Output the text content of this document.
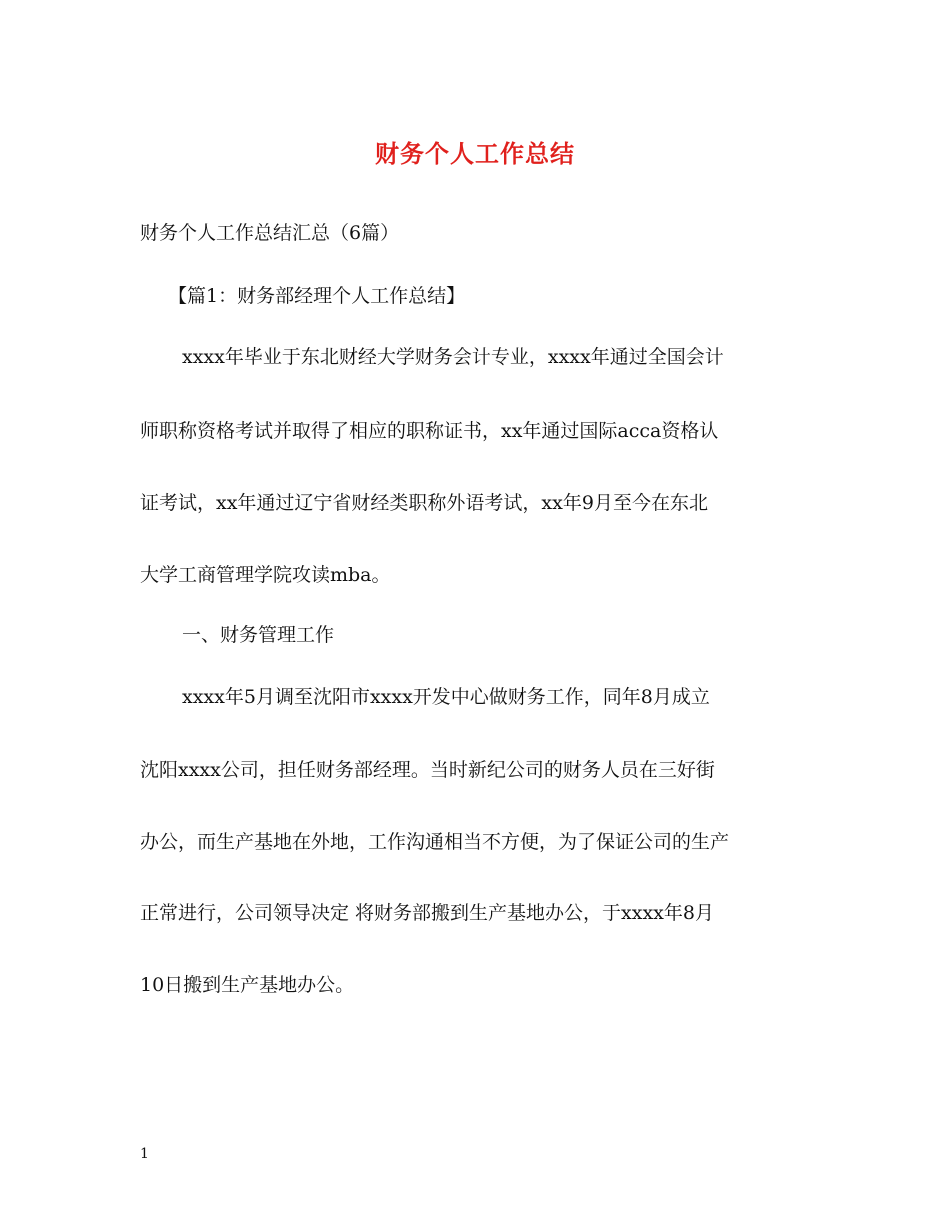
财务个人工作总结

财务个人工作总结汇总（6篇）

【篇1：财务部经理个人工作总结】

xxxx年毕业于东北财经大学财务会计专业，xxxx年通过全国会计

师职称资格考试并取得了相应的职称证书，xx年通过国际acca资格认

证考试，xx年通过辽宁省财经类职称外语考试，xx年9月至今在东北

大学工商管理学院攻读mba。

一、财务管理工作

xxxx年5月调至沈阳市xxxx开发中心做财务工作，同年8月成立

沈阳xxxx公司，担任财务部经理。当时新纪公司的财务人员在三好街

办公，而生产基地在外地，工作沟通相当不方便，为了保证公司的生产

正常进行，公司领导决定 将财务部搬到生产基地办公，于xxxx年8月

10日搬到生产基地办公。

1
